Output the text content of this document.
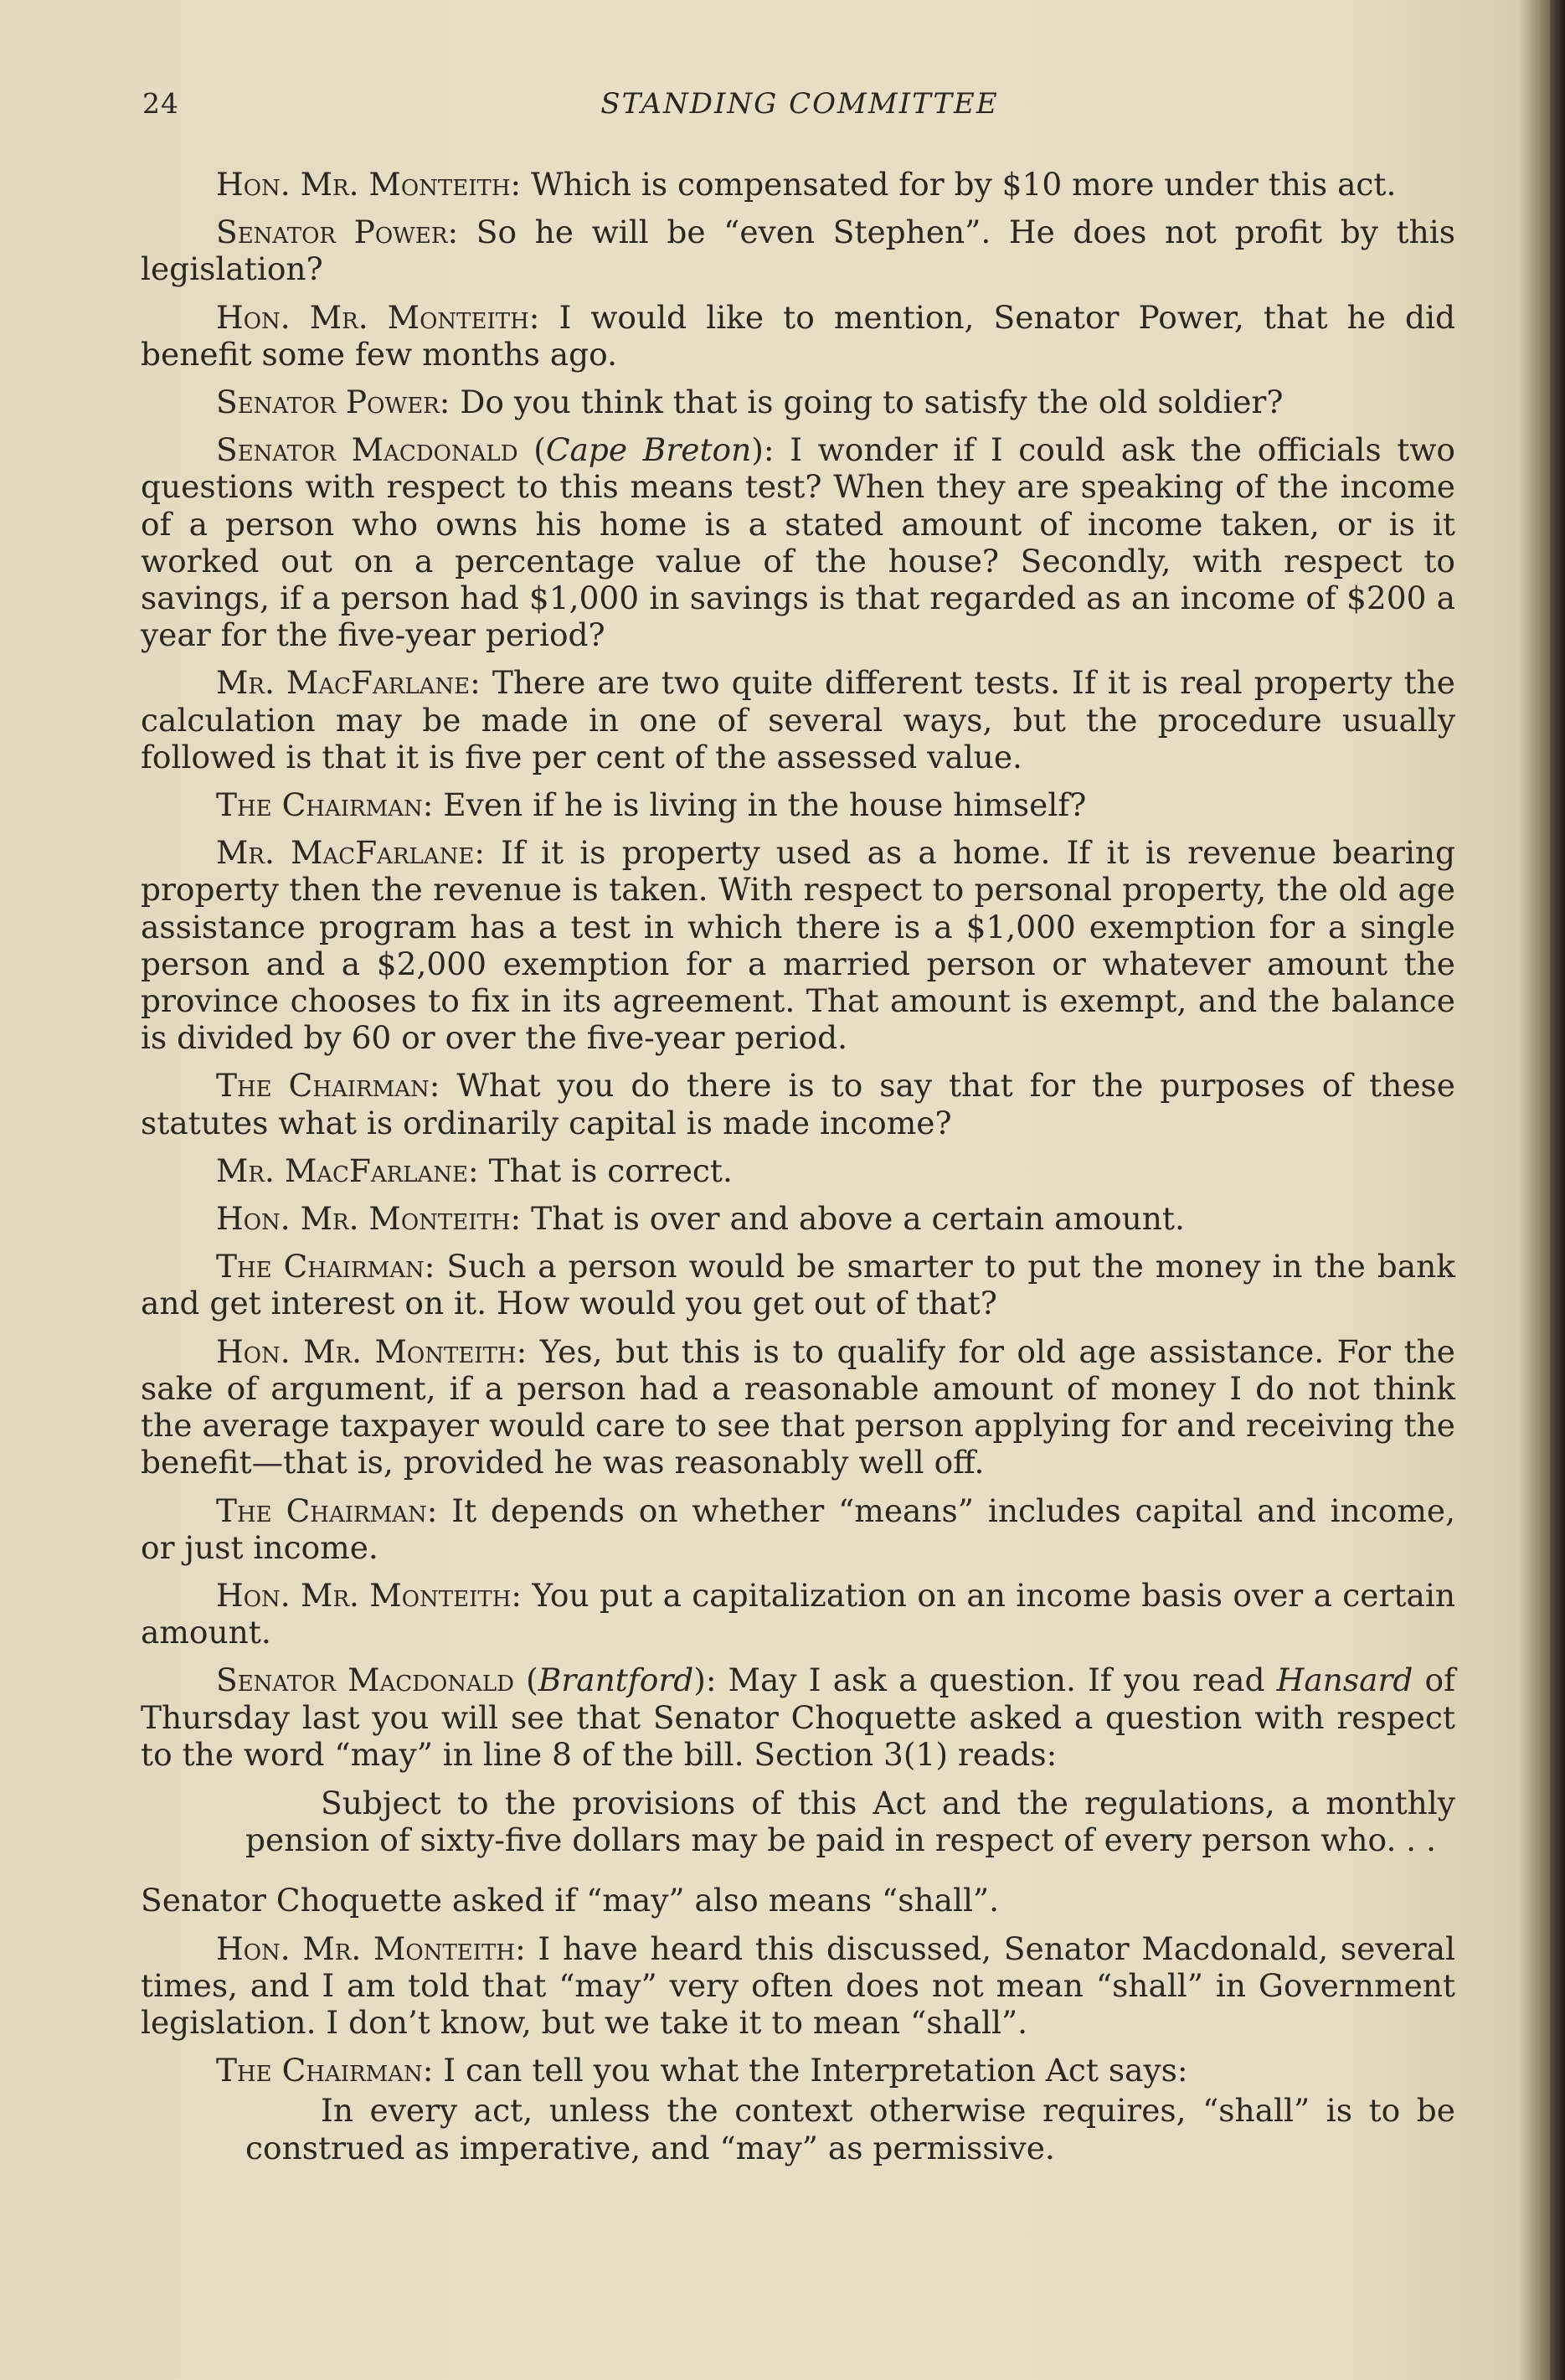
24	STANDING COMMITTEE

Hon. Mr. Monteith: Which is compensated for by $10 more under this act.

Senator Power: So he will be “even Stephen”. He does not profit by this legislation?

Hon. Mr. Monteith: I would like to mention, Senator Power, that he did benefit some few months ago.

Senator Power: Do you think that is going to satisfy the old soldier?

Senator Macdonald (Cape Breton): I wonder if I could ask the officials two questions with respect to this means test? When they are speaking of the income of a person who owns his home is a stated amount of income taken, or is it worked out on a percentage value of the house? Secondly, with respect to savings, if a person had $1,000 in savings is that regarded as an income of $200 a year for the five-year period?

Mr. MacFarlane: There are two quite different tests. If it is real property the calculation may be made in one of several ways, but the procedure usually followed is that it is five per cent of the assessed value.

The Chairman: Even if he is living in the house himself?

Mr. MacFarlane: If it is property used as a home. If it is revenue bearing property then the revenue is taken. With respect to personal property, the old age assistance program has a test in which there is a $1,000 exemption for a single person and a $2,000 exemption for a married person or whatever amount the province chooses to fix in its agreement. That amount is exempt, and the balance is divided by 60 or over the five-year period.

The Chairman: What you do there is to say that for the purposes of these statutes what is ordinarily capital is made income?

Mr. MacFarlane: That is correct.

Hon. Mr. Monteith: That is over and above a certain amount.

The Chairman: Such a person would be smarter to put the money in the bank and get interest on it. How would you get out of that?

Hon. Mr. Monteith: Yes, but this is to qualify for old age assistance. For the sake of argument, if a person had a reasonable amount of money I do not think the average taxpayer would care to see that person applying for and receiving the benefit—that is, provided he was reasonably well off.

The Chairman: It depends on whether “means” includes capital and income, or just income.

Hon. Mr. Monteith: You put a capitalization on an income basis over a certain amount.

Senator Macdonald (Brantford): May I ask a question. If you read Hansard of Thursday last you will see that Senator Choquette asked a question with respect to the word “may” in line 8 of the bill. Section 3(1) reads:

Subject to the provisions of this Act and the regulations, a monthly pension of sixty-five dollars may be paid in respect of every person who. . .

Senator Choquette asked if “may” also means “shall”.

Hon. Mr. Monteith: I have heard this discussed, Senator Macdonald, several times, and I am told that “may” very often does not mean “shall” in Government legislation. I don’t know, but we take it to mean “shall”.

The Chairman: I can tell you what the Interpretation Act says:

In every act, unless the context otherwise requires, “shall” is to be construed as imperative, and “may” as permissive.
